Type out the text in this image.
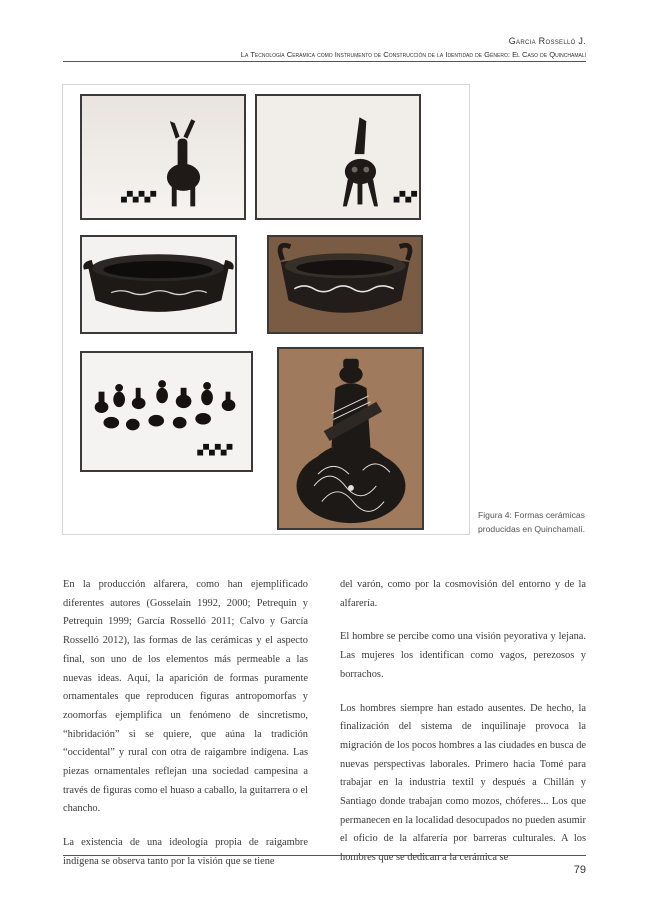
Garcia Rosselló J.
La Tecnología Cerámica como Instrumento de Construcción de la Identidad de Género: El Caso de Quinchamalí
Figura 4: Formas cerámicas
producidas en Quinchamalí.

En la producción alfarera, como han ejemplificado diferentes autores (Gosselain 1992, 2000; Petrequin y Petrequin 1999; García Rosselló 2011; Calvo y García Rosselló 2012), las formas de las cerámicas y el aspecto final, son uno de los elementos más permeable a las nuevas ideas. Aquí, la aparición de formas puramente ornamentales que reproducen figuras antropomorfas y zoomorfas ejemplifica un fenómeno de sincretismo, “hibridación” si se quiere, que aúna la tradición “occidental” y rural con otra de raigambre indígena. Las piezas ornamentales reflejan una sociedad campesina a través de figuras como el huaso a caballo, la guitarrera o el chancho.

La existencia de una ideología propia de raigambre indígena se observa tanto por la visión que se tiene

del varón, como por la cosmovisión del entorno y de la alfarería.

El hombre se percibe como una visión peyorativa y lejana. Las mujeres los identifican como vagos, perezosos y borrachos.

Los hombres siempre han estado ausentes. De hecho, la finalización del sistema de inquilinaje provoca la migración de los pocos hombres a las ciudades en busca de nuevas perspectivas laborales. Primero hacia Tomé para trabajar en la industria textil y después a Chillán y Santiago donde trabajan como mozos, chóferes... Los que permanecen en la localidad desocupados no pueden asumir el oficio de la alfarería por barreras culturales. A los hombres que se dedican a la cerámica se

79
